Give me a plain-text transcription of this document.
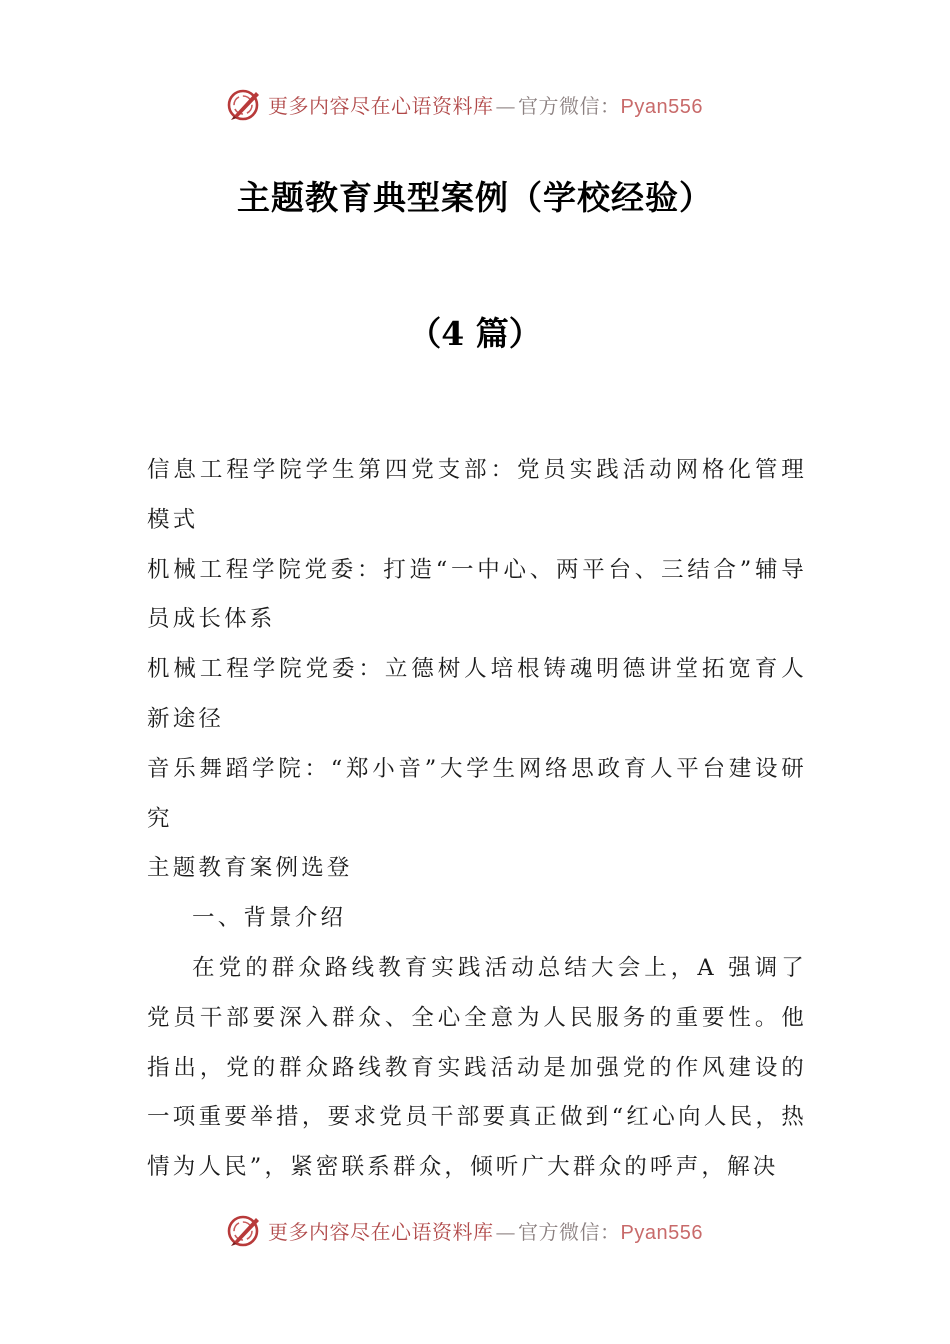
更多内容尽在心语资料库 — 官方微信：Pyan556
主题教育典型案例（学校经验）
（4 篇）

信息工程学院学生第四党支部：党员实践活动网格化管理模式

机械工程学院党委：打造“一中心、两平台、三结合”辅导员成长体系

机械工程学院党委：立德树人培根铸魂明德讲堂拓宽育人新途径

音乐舞蹈学院：“郑小音”大学生网络思政育人平台建设研究

主题教育案例选登

一、背景介绍

在党的群众路线教育实践活动总结大会上，A 强调了党员干部要深入群众、全心全意为人民服务的重要性。他指出，党的群众路线教育实践活动是加强党的作风建设的一项重要举措，要求党员干部要真正做到“红心向人民，热情为人民”，紧密联系群众，倾听广大群众的呼声，解决

更多内容尽在心语资料库 — 官方微信：Pyan556
